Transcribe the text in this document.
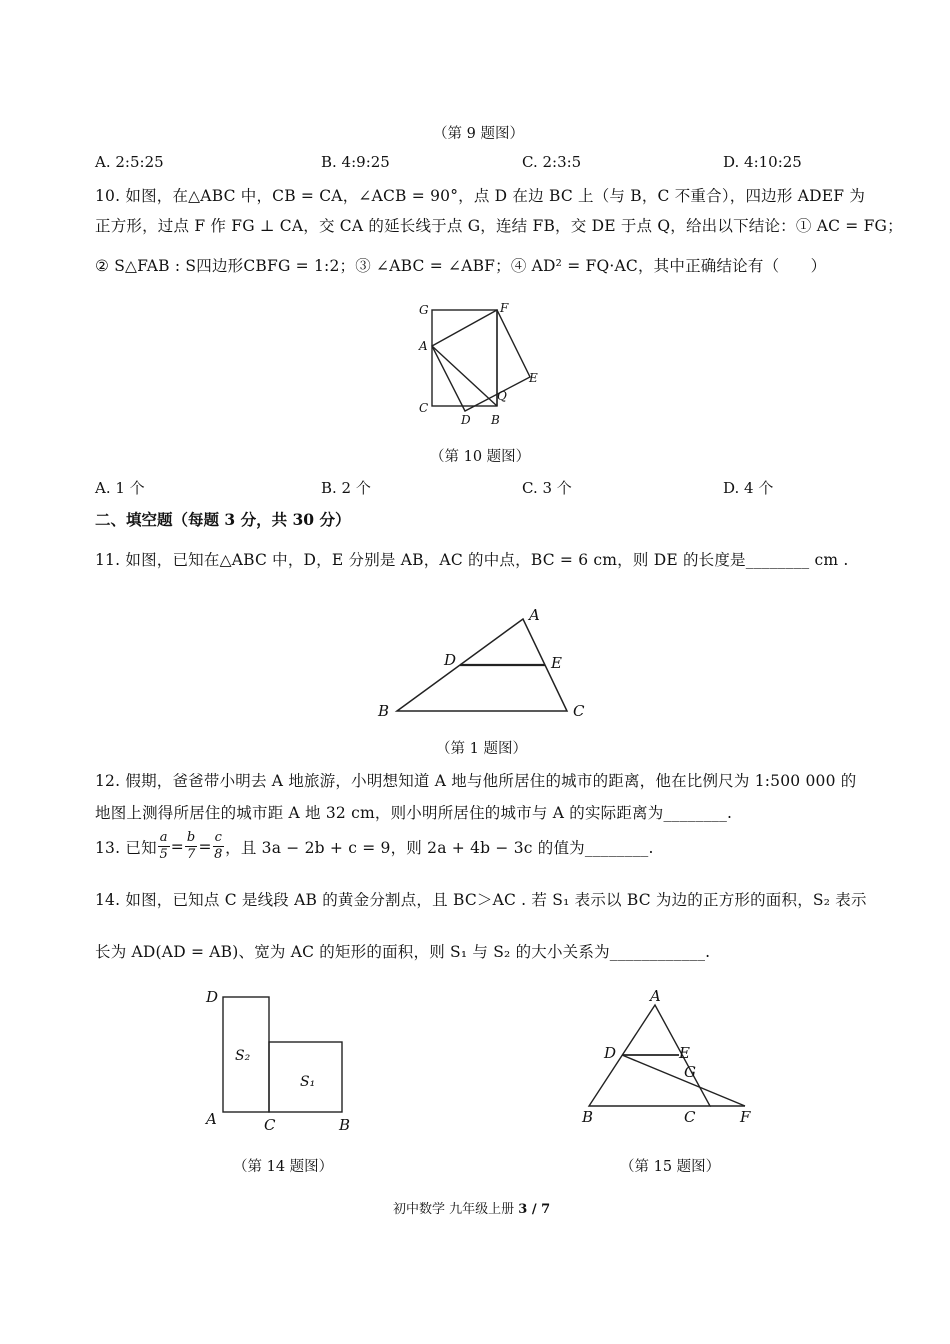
（第 9 题图）
A. 2:5:25	B. 4:9:25	C. 2:3:5	D. 4:10:25
10. 如图，在△ABC 中，CB = CA，∠ACB = 90°，点 D 在边 BC 上（与 B，C 不重合），四边形 ADEF 为
正方形，过点 F 作 FG ⊥ CA，交 CA 的延长线于点 G，连结 FB，交 DE 于点 Q，给出以下结论：① AC = FG；
② S△FAB : S四边形CBFG = 1:2；③ ∠ABC = ∠ABF；④ AD² = FQ·AC，其中正确结论有（　　）
G	F
A
E
C
Q
D B
（第 10 题图）
A. 1 个	B. 2 个	C. 3 个	D. 4 个
二、填空题（每题 3 分，共 30 分）
11. 如图，已知在△ABC 中，D，E 分别是 AB，AC 的中点，BC = 6 cm，则 DE 的长度是________ cm .
A
D	E
B	C
（第 1 题图）
12. 假期，爸爸带小明去 A 地旅游，小明想知道 A 地与他所居住的城市的距离，他在比例尺为 1:500 000 的
地图上测得所居住的城市距 A 地 32 cm，则小明所居住的城市与 A 的实际距离为________.
13. 已知 $\frac{a}{5} = \frac{b}{7} = \frac{c}{8}$ ，且 3a − 2b + c = 9，则 2a + 4b − 3c 的值为________.
14. 如图，已知点 C 是线段 AB 的黄金分割点，且 BC＞AC . 若 S₁ 表示以 BC 为边的正方形的面积，S₂ 表示
长为 AD(AD = AB)、宽为 AC 的矩形的面积，则 S₁ 与 S₂ 的大小关系为____________.
D
S₂
S₁
A	C	B
A
D	E
G
B	C	F
（第 14 题图）	（第 15 题图）
初中数学 九年级上册 3 / 7
